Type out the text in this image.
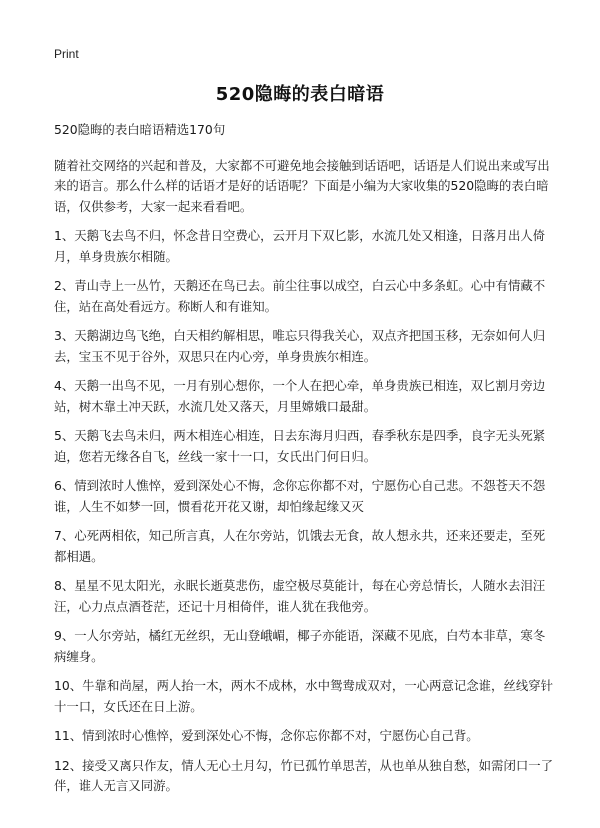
Print
520隐晦的表白暗语

520隐晦的表白暗语精选170句

随着社交网络的兴起和普及，大家都不可避免地会接触到话语吧，话语是人们说出来或写出来的语言。那么什么样的话语才是好的话语呢？下面是小编为大家收集的520隐晦的表白暗语，仅供参考，大家一起来看看吧。

1、天鹅飞去鸟不归，怀念昔日空费心，云开月下双匕影，水流几处又相逢，日落月出人倚月，单身贵族尔相随。

2、青山寺上一丛竹，天鹅还在鸟已去。前尘往事以成空，白云心中多条虹。心中有情藏不住，站在高处看远方。称断人和有谁知。

3、天鹅湖边鸟飞绝，白天相约解相思，唯忘只得我关心，双点齐把国玉移，无奈如何人归去，宝玉不见于谷外，双思只在内心旁，单身贵族尔相连。

4、天鹅一出鸟不见，一月有别心想你，一个人在把心牵，单身贵族已相连，双匕割月旁边站，树木靠土冲天跃，水流几处又落天，月里嫦娥口最甜。

5、天鹅飞去鸟未归，两木相连心相连，日去东海月归西，春季秋东是四季，良字无头死紧迫，您若无缘各自飞，丝线一家十一口，女氏出门何日归。

6、情到浓时人憔悴，爱到深处心不悔，念你忘你都不对，宁愿伤心自己悲。不怨苍天不怨谁，人生不如梦一回，惯看花开花又谢，却怕缘起缘又灭

7、心死两相依，知己所言真，人在尔旁站，饥饿去无食，故人想永共，还来还要走，至死都相遇。

8、星星不见太阳光，永眠长逝莫悲伤，虚空极尽莫能计，每在心旁总情长，人随水去泪汪汪，心力点点酒苍茫，还记十月相倚伴，谁人犹在我他旁。

9、一人尔旁站，橘红无丝织，无山登峨嵋，椰子亦能语，深藏不见底，白芍本非草，寒冬病缠身。

10、牛靠和尚屋，两人抬一木，两木不成林，水中鸳鸯成双对，一心两意记念谁，丝线穿针十一口，女氏还在日上游。

11、情到浓时心憔悴，爱到深处心不悔，念你忘你都不对，宁愿伤心自己背。

12、接受又离只作友，情人无心土月勾，竹已孤竹单思苦，从也单从独自愁，如需闭口一了伴，谁人无言又同游。
